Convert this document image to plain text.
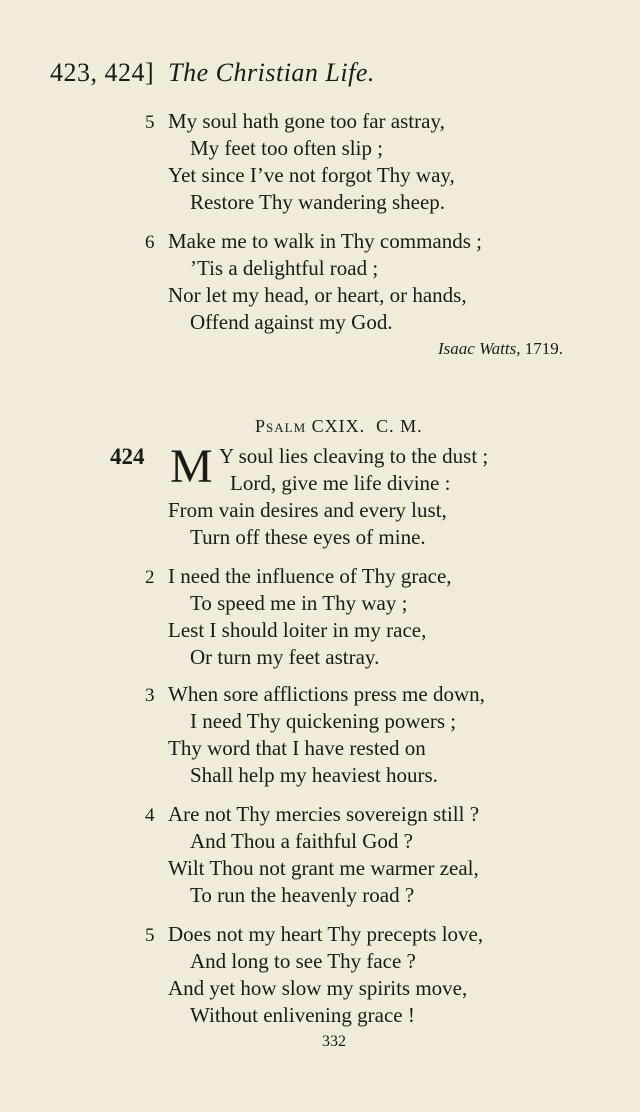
423, 424] The Christian Life.
5 My soul hath gone too far astray,
My feet too often slip ;
Yet since I’ve not forgot Thy way,
Restore Thy wandering sheep.
6 Make me to walk in Thy commands ;
’Tis a delightful road ;
Nor let my head, or heart, or hands,
Offend against my God.
Isaac Watts, 1719.
Psalm CXIX. C. M.
424 M Y soul lies cleaving to the dust ;
Lord, give me life divine :
From vain desires and every lust,
Turn off these eyes of mine.
2 I need the influence of Thy grace,
To speed me in Thy way ;
Lest I should loiter in my race,
Or turn my feet astray.
3 When sore afflictions press me down,
I need Thy quickening powers ;
Thy word that I have rested on
Shall help my heaviest hours.
4 Are not Thy mercies sovereign still ?
And Thou a faithful God ?
Wilt Thou not grant me warmer zeal,
To run the heavenly road ?
5 Does not my heart Thy precepts love,
And long to see Thy face ?
And yet how slow my spirits move,
Without enlivening grace !
332
